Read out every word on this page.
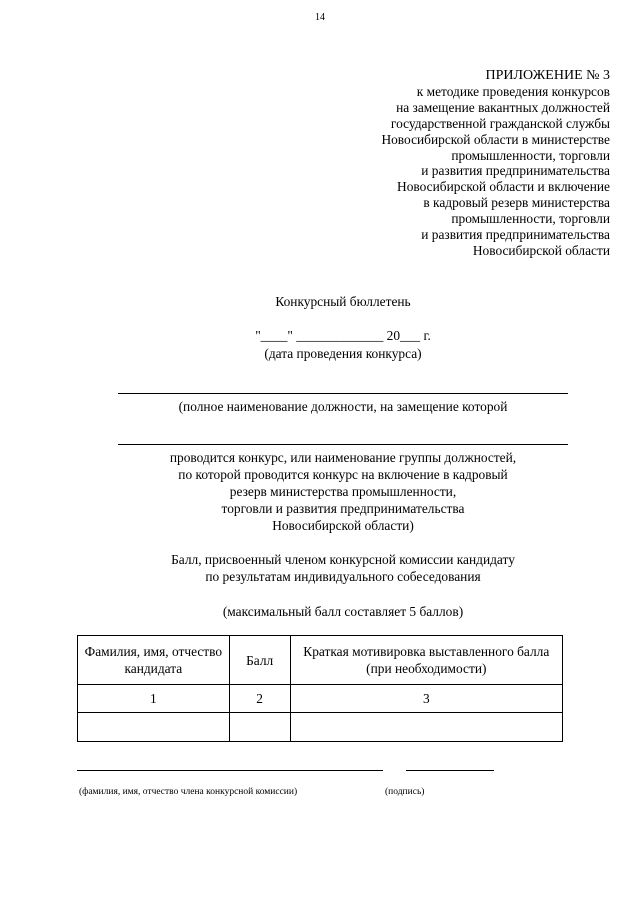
14
ПРИЛОЖЕНИЕ № 3
к методике проведения конкурсов
на замещение вакантных должностей
государственной гражданской службы
Новосибирской области в министерстве
промышленности, торговли
и развития предпринимательства
Новосибирской области и включение
в кадровый резерв министерства
промышленности, торговли
и развития предпринимательства
Новосибирской области
Конкурсный бюллетень
"____" _____________ 20___ г.
(дата проведения конкурса)
(полное наименование должности, на замещение которой
проводится конкурс, или наименование группы должностей,
по которой проводится конкурс на включение в кадровый
резерв министерства промышленности,
торговли и развития предпринимательства
Новосибирской области)
Балл, присвоенный членом конкурсной комиссии кандидату
по результатам индивидуального собеседования
(максимальный балл составляет 5 баллов)
Фамилия, имя, отчество кандидата	Балл	Краткая мотивировка выставленного балла (при необходимости)
1	2	3

(фамилия, имя, отчество члена конкурсной комиссии)	(подпись)
